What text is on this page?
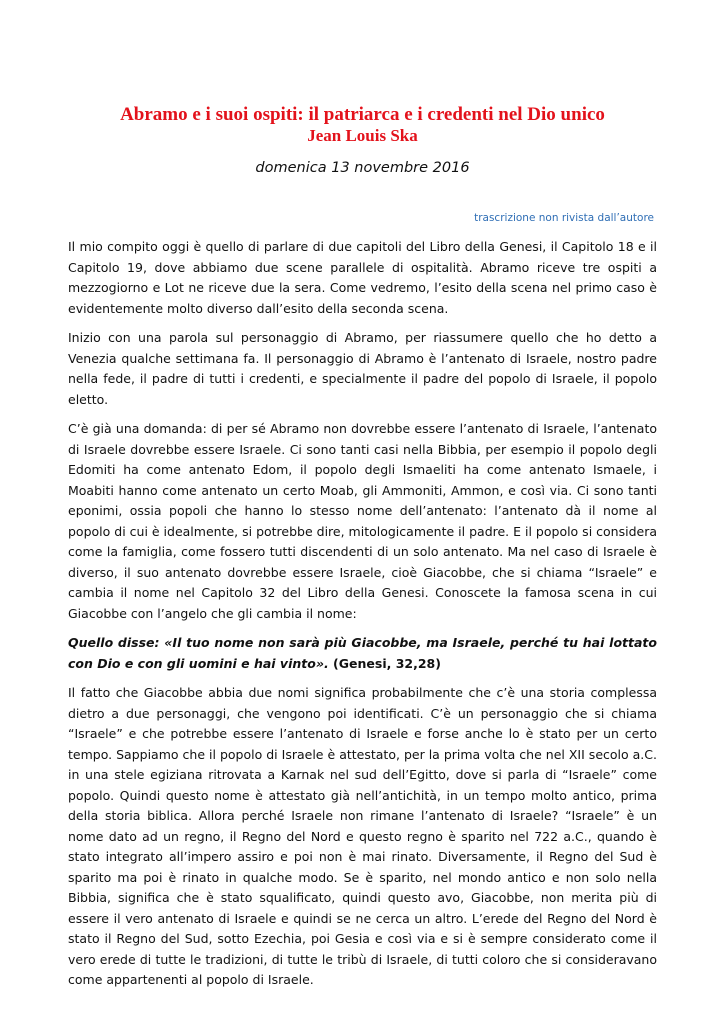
Abramo e i suoi ospiti: il patriarca e i credenti nel Dio unico
Jean Louis Ska

domenica 13 novembre 2016

trascrizione non rivista dall’autore

Il mio compito oggi è quello di parlare di due capitoli del Libro della Genesi, il Capitolo 18 e il Capitolo 19, dove abbiamo due scene parallele di ospitalità. Abramo riceve tre ospiti a mezzogiorno e Lot ne riceve due la sera. Come vedremo, l’esito della scena nel primo caso è evidentemente molto diverso dall’esito della seconda scena.

Inizio con una parola sul personaggio di Abramo, per riassumere quello che ho detto a Venezia qualche settimana fa. Il personaggio di Abramo è l’antenato di Israele, nostro padre nella fede, il padre di tutti i credenti, e specialmente il padre del popolo di Israele, il popolo eletto.

C’è già una domanda: di per sé Abramo non dovrebbe essere l’antenato di Israele, l’antenato di Israele dovrebbe essere Israele. Ci sono tanti casi nella Bibbia, per esempio il popolo degli Edomiti ha come antenato Edom, il popolo degli Ismaeliti ha come antenato Ismaele, i Moabiti hanno come antenato un certo Moab, gli Ammoniti, Ammon, e così via. Ci sono tanti eponimi, ossia popoli che hanno lo stesso nome dell’antenato: l’antenato dà il nome al popolo di cui è idealmente, si potrebbe dire, mitologicamente il padre. E il popolo si considera come la famiglia, come fossero tutti discendenti di un solo antenato. Ma nel caso di Israele è diverso, il suo antenato dovrebbe essere Israele, cioè Giacobbe, che si chiama “Israele” e cambia il nome nel Capitolo 32 del Libro della Genesi. Conoscete la famosa scena in cui Giacobbe con l’angelo che gli cambia il nome:

Quello disse: «Il tuo nome non sarà più Giacobbe, ma Israele, perché tu hai lottato con Dio e con gli uomini e hai vinto». (Genesi, 32,28)

Il fatto che Giacobbe abbia due nomi significa probabilmente che c’è una storia complessa dietro a due personaggi, che vengono poi identificati. C’è un personaggio che si chiama “Israele” e che potrebbe essere l’antenato di Israele e forse anche lo è stato per un certo tempo. Sappiamo che il popolo di Israele è attestato, per la prima volta che nel XII secolo a.C. in una stele egiziana ritrovata a Karnak nel sud dell’Egitto, dove si parla di “Israele” come popolo. Quindi questo nome è attestato già nell’antichità, in un tempo molto antico, prima della storia biblica. Allora perché Israele non rimane l’antenato di Israele? “Israele” è un nome dato ad un regno, il Regno del Nord e questo regno è sparito nel 722 a.C., quando è stato integrato all’impero assiro e poi non è mai rinato. Diversamente, il Regno del Sud è sparito ma poi è rinato in qualche modo. Se è sparito, nel mondo antico e non solo nella Bibbia, significa che è stato squalificato, quindi questo avo, Giacobbe, non merita più di essere il vero antenato di Israele e quindi se ne cerca un altro. L’erede del Regno del Nord è stato il Regno del Sud, sotto Ezechia, poi Gesia e così via e si è sempre considerato come il vero erede di tutte le tradizioni, di tutte le tribù di Israele, di tutti coloro che si consideravano come appartenenti al popolo di Israele.
